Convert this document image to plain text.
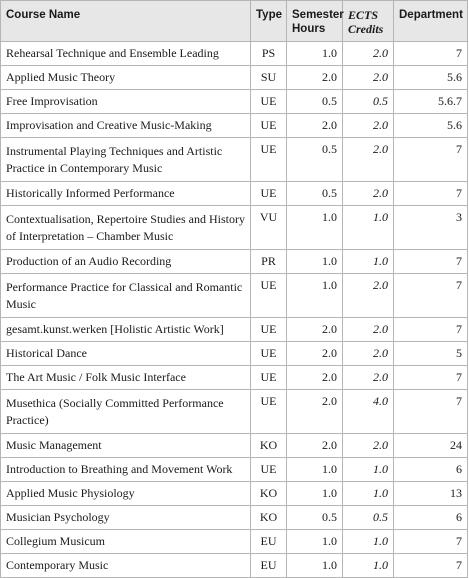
Course Name	Type	Semester Hours	ECTS Credits	Department
Rehearsal Technique and Ensemble Leading	PS	1.0	2.0	7
Applied Music Theory	SU	2.0	2.0	5.6
Free Improvisation	UE	0.5	0.5	5.6.7
Improvisation and Creative Music-Making	UE	2.0	2.0	5.6
Instrumental Playing Techniques and Artistic Practice in Contemporary Music	UE	0.5	2.0	7
Historically Informed Performance	UE	0.5	2.0	7
Contextualisation, Repertoire Studies and History of Interpretation – Chamber Music	VU	1.0	1.0	3
Production of an Audio Recording	PR	1.0	1.0	7
Performance Practice for Classical and Romantic Music	UE	1.0	2.0	7
gesamt.kunst.werken [Holistic Artistic Work]	UE	2.0	2.0	7
Historical Dance	UE	2.0	2.0	5
The Art Music / Folk Music Interface	UE	2.0	2.0	7
Musethica (Socially Committed Performance Practice)	UE	2.0	4.0	7
Music Management	KO	2.0	2.0	24
Introduction to Breathing and Movement Work	UE	1.0	1.0	6
Applied Music Physiology	KO	1.0	1.0	13
Musician Psychology	KO	0.5	0.5	6
Collegium Musicum	EU	1.0	1.0	7
Contemporary Music	EU	1.0	1.0	7
